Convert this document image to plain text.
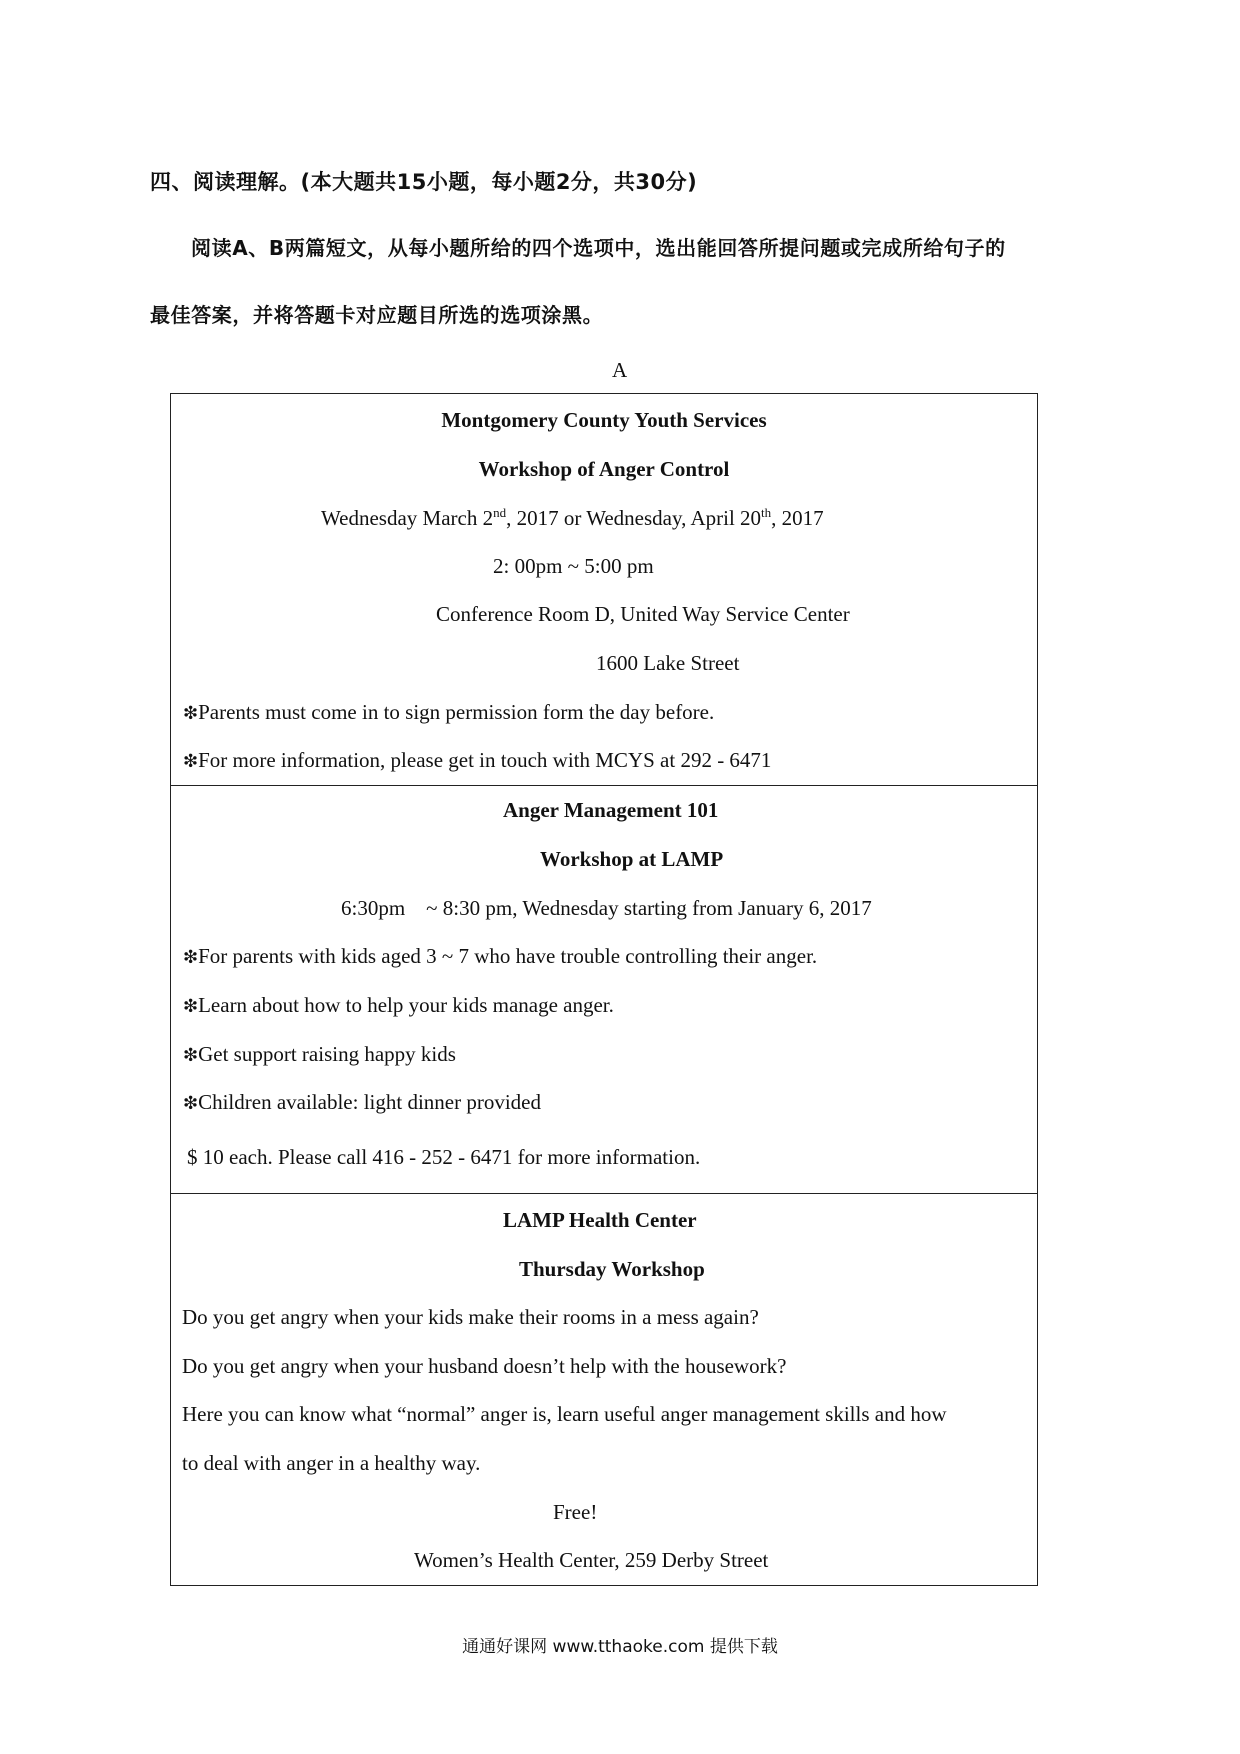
四、阅读理解。(本大题共15小题，每小题2分，共30分)
阅读A、B两篇短文，从每小题所给的四个选项中，选出能回答所提问题或完成所给句子的
最佳答案，并将答题卡对应题目所选的选项涂黑。
A
Montgomery County Youth Services
Workshop of Anger Control
Wednesday March 2nd, 2017 or Wednesday, April 20th, 2017
2: 00pm ~ 5:00 pm
Conference Room D, United Way Service Center
1600 Lake Street
❇Parents must come in to sign permission form the day before.
❇For more information, please get in touch with MCYS at 292 - 6471
Anger Management 101
Workshop at LAMP
6:30pm    ~ 8:30 pm, Wednesday starting from January 6, 2017
❇For parents with kids aged 3 ~ 7 who have trouble controlling their anger.
❇Learn about how to help your kids manage anger.
❇Get support raising happy kids
❇Children available: light dinner provided
$ 10 each. Please call 416 - 252 - 6471 for more information.
LAMP Health Center
Thursday Workshop
Do you get angry when your kids make their rooms in a mess again?
Do you get angry when your husband doesn’t help with the housework?
Here you can know what “normal” anger is, learn useful anger management skills and how
to deal with anger in a healthy way.
Free!
Women’s Health Center, 259 Derby Street
通通好课网 www.tthaoke.com 提供下载
